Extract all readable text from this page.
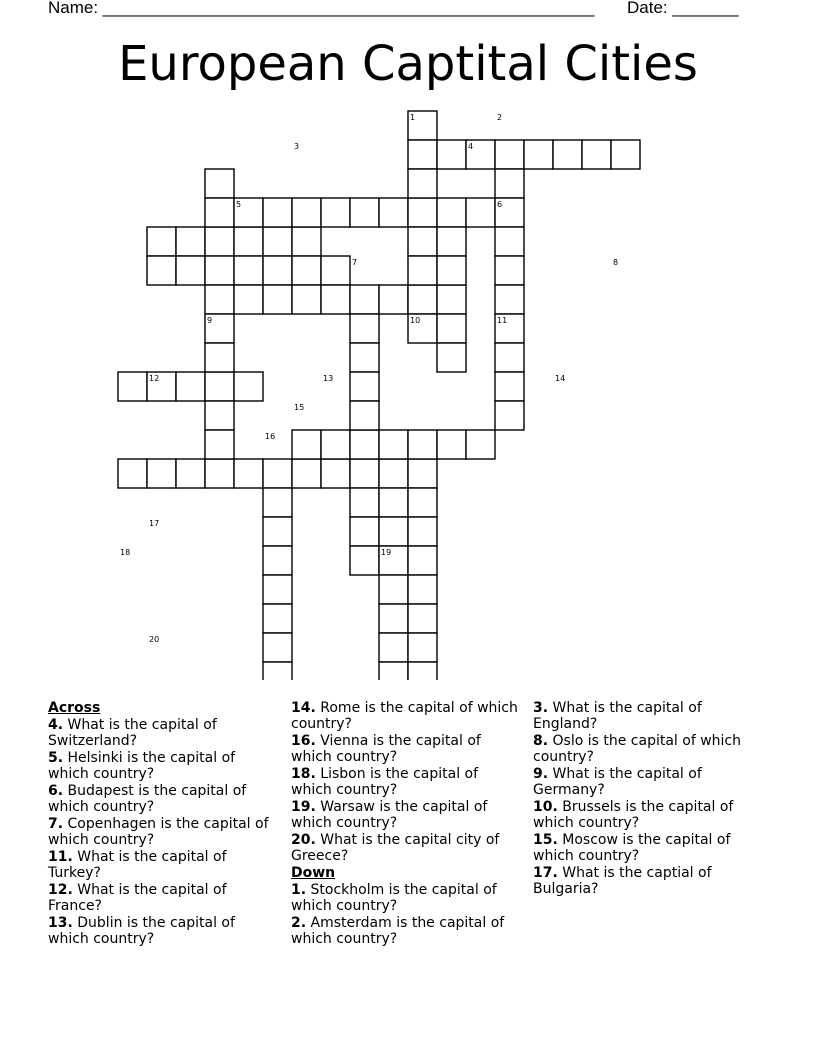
Name: ____________________________________________________ Date: _______
European Captital Cities
1	2
3	4
5	6
7	8
9	10	11
12	13	14
15
16
17
18	19
20
Across
4. What is the capital of Switzerland?
5. Helsinki is the capital of which country?
6. Budapest is the capital of which country?
7. Copenhagen is the capital of which country?
11. What is the capital of Turkey?
12. What is the capital of France?
13. Dublin is the capital of which country?
14. Rome is the capital of which country?
16. Vienna is the capital of which country?
18. Lisbon is the capital of which country?
19. Warsaw is the capital of which country?
20. What is the capital city of Greece?
Down
1. Stockholm is the capital of which country?
2. Amsterdam is the capital of which country?
3. What is the capital of England?
8. Oslo is the capital of which country?
9. What is the capital of Germany?
10. Brussels is the capital of which country?
15. Moscow is the capital of which country?
17. What is the captial of Bulgaria?
